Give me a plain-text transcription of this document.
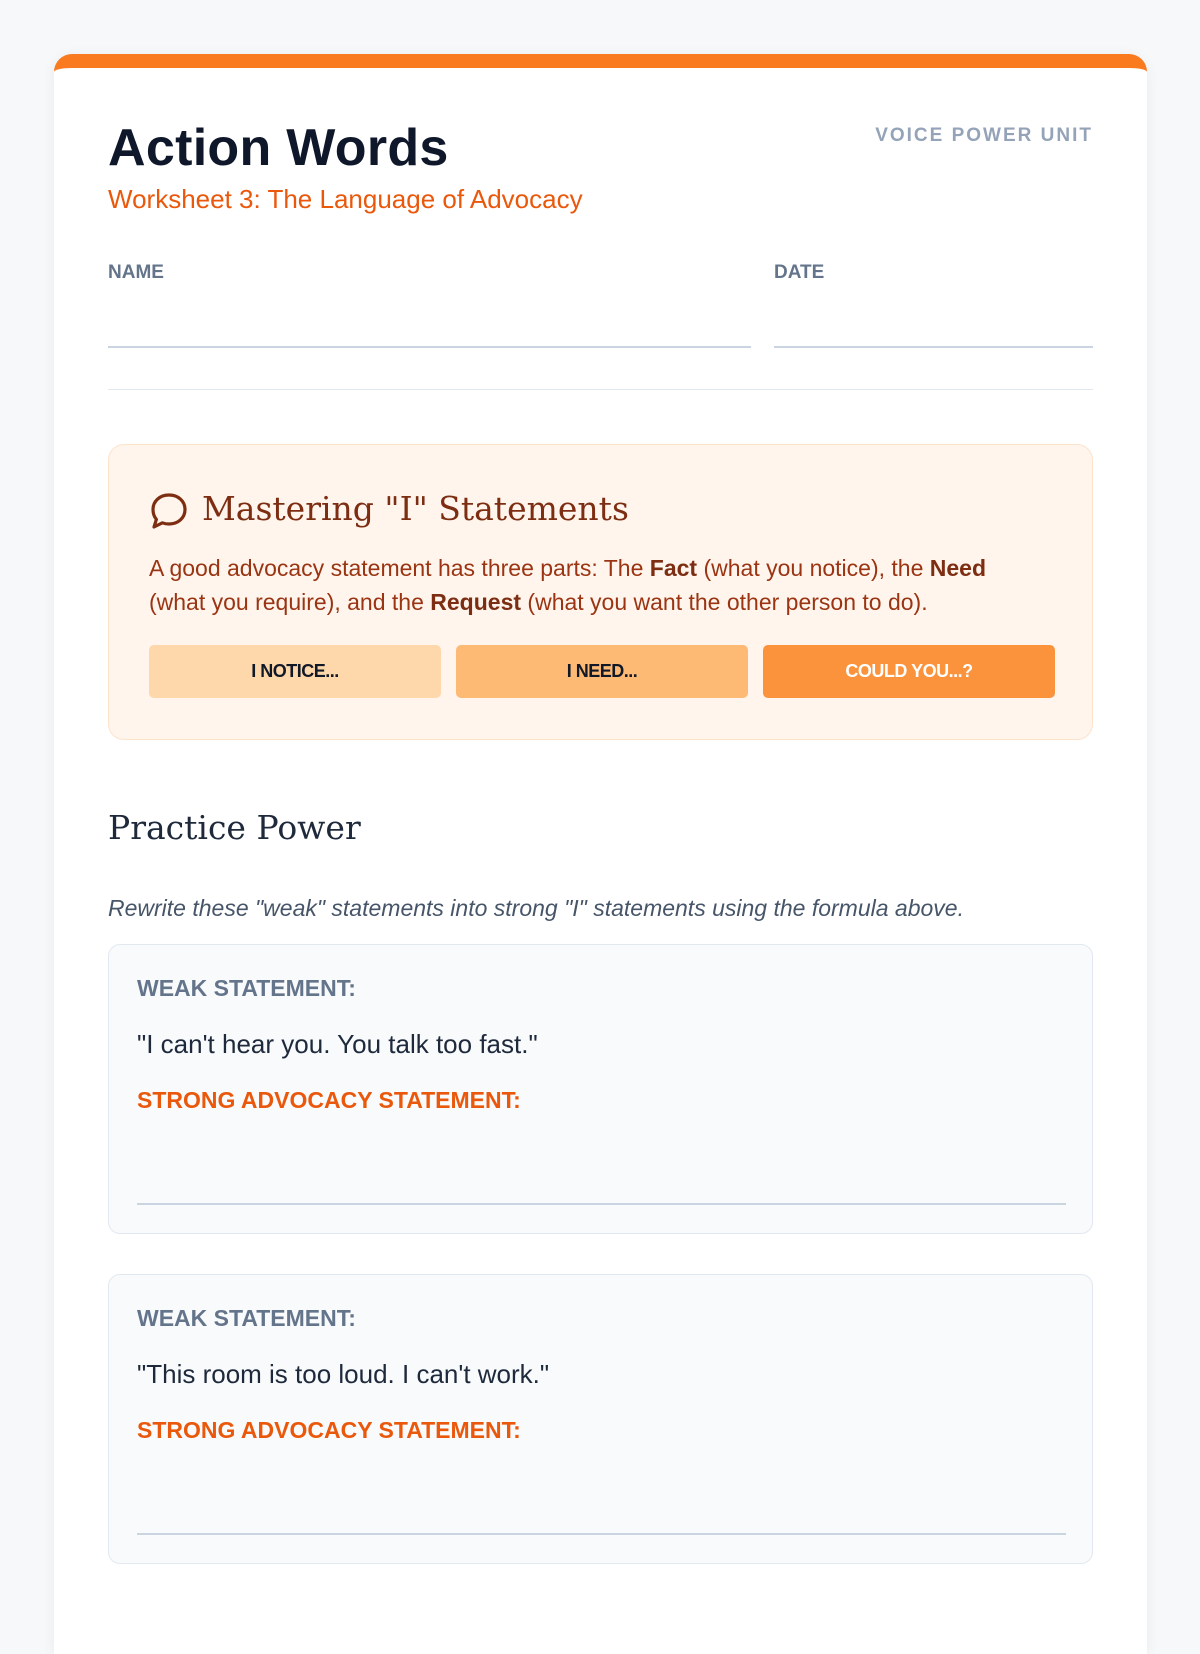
VOICE POWER UNIT
Action Words
Worksheet 3: The Language of Advocacy
NAME	DATE
Mastering "I" Statements
A good advocacy statement has three parts: The Fact (what you notice), the Need (what you require), and the Request (what you want the other person to do).
I NOTICE...	I NEED...	COULD YOU...?
Practice Power
Rewrite these "weak" statements into strong "I" statements using the formula above.
WEAK STATEMENT:
"I can't hear you. You talk too fast."
STRONG ADVOCACY STATEMENT:
WEAK STATEMENT:
"This room is too loud. I can't work."
STRONG ADVOCACY STATEMENT:
